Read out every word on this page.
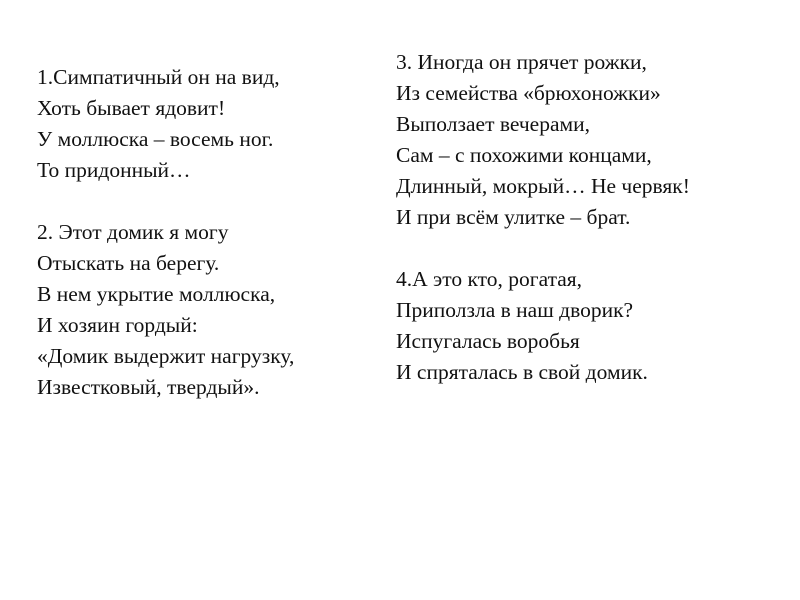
1.Симпатичный он на вид,
Хоть бывает ядовит!
У моллюска – восемь ног.
То придонный…
2. Этот домик я могу
Отыскать на берегу.
В нем укрытие моллюска,
И хозяин гордый:
«Домик выдержит нагрузку,
Известковый, твердый».
3. Иногда он прячет рожки,
Из семейства «брюхоножки»
Выползает вечерами,
Сам – с похожими концами,
Длинный, мокрый… Не червяк!
И при всём улитке – брат.
4.А это кто, рогатая,
Приползла в наш дворик?
Испугалась воробья
И спряталась в свой домик.
